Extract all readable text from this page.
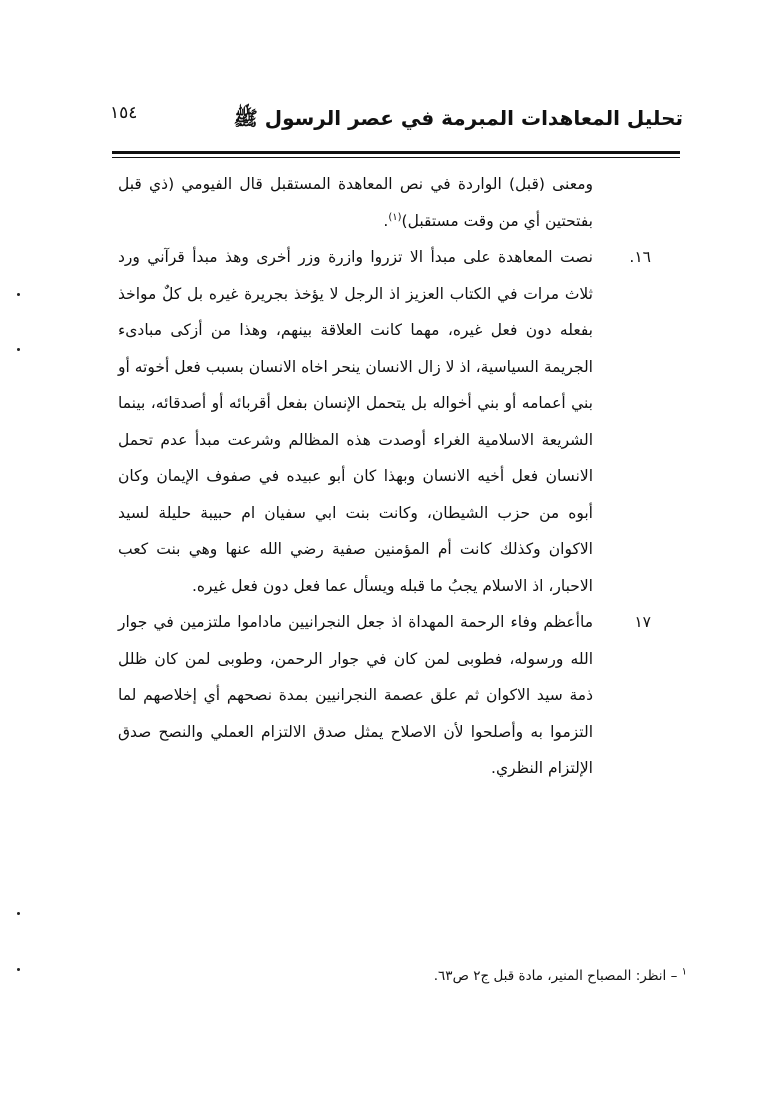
١٥٤	تحليل المعاهدات المبرمة في عصر الرسول ﷺ

ومعنى (قبل) الواردة في نص المعاهدة المستقبل قال الفيومي (ذي قبل بفتحتين أي من وقت مستقبل)$^{(١)}$.

١٦.

نصت المعاهدة على مبدأ الا تزروا وازرة وزر أخرى وهذ مبدأ قرآني ورد ثلاث مرات في الكتاب العزيز اذ الرجل لا يؤخذ بجريرة غيره بل كلٌ مواخذ بفعله دون فعل غيره، مهما كانت العلاقة بينهم، وهذا من أزكى مبادىء الجريمة السياسية، اذ لا زال الانسان ينحر اخاه الانسان بسبب فعل أخوته أو بني أعمامه أو بني أخواله بل يتحمل الإنسان بفعل أقربائه أو أصدقائه، بينما الشريعة الاسلامية الغراء أوصدت هذه المظالم وشرعت مبدأ عدم تحمل الانسان فعل أخيه الانسان وبهذا كان أبو عبيده في صفوف الإيمان وكان أبوه من حزب الشيطان، وكانت بنت ابي سفيان ام حبيبة حليلة لسيد الاكوان وكذلك كانت أم المؤمنين صفية رضي الله عنها وهي بنت كعب الاحبار، اذ الاسلام يجبُ ما قبله ويسأل عما فعل دون فعل غيره.

١٧

ماأعظم وفاء الرحمة المهداة اذ جعل النجرانيين ماداموا ملتزمين في جوار الله ورسوله، فطوبى لمن كان في جوار الرحمن، وطوبى لمن كان ظلل ذمة سيد الاكوان ثم علق عصمة النجرانيين بمدة نصحهم أي إخلاصهم لما التزموا به وأصلحوا لأن الاصلاح يمثل صدق الالتزام العملي والنصح صدق الإلتزام النظري.

$^١$ – انظر: المصباح المنير، مادة قبل ج٢ ص٦٣.
